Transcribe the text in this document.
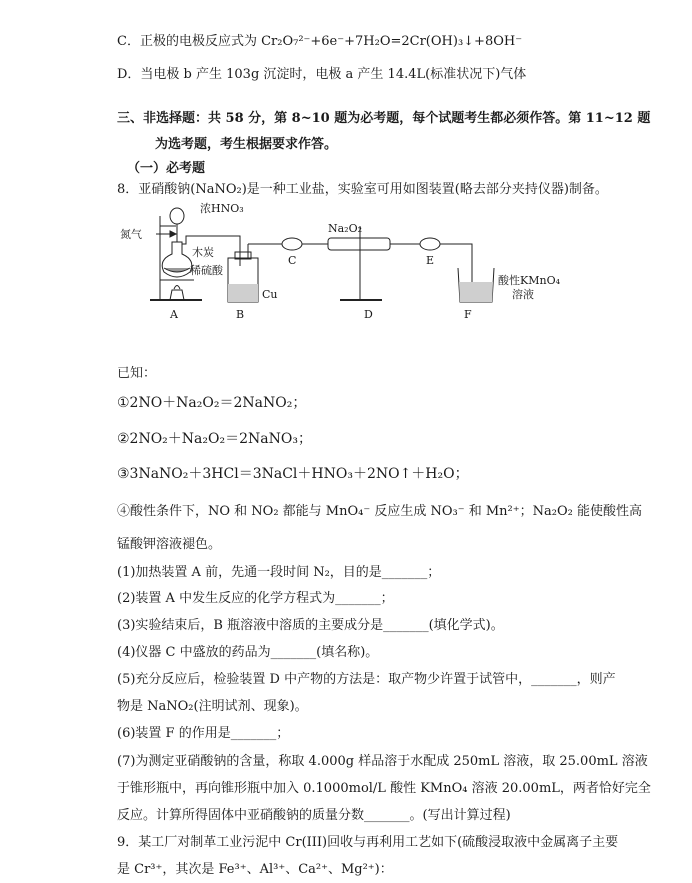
C．正极的电极反应式为 Cr₂O₇²⁻+6e⁻+7H₂O=2Cr(OH)₃↓+8OH⁻
D．当电极 b 产生 103g 沉淀时，电极 a 产生 14.4L(标准状况下)气体
三、非选择题：共 58 分，第 8~10 题为必考题，每个试题考生都必须作答。第 11~12 题
为选考题，考生根据要求作答。
（一）必考题
8．亚硝酸钠(NaNO₂)是一种工业盐，实验室可用如图装置(略去部分夹持仪器)制备。
浓HNO₃
氮气
木炭
稀硫酸
Cu
Na₂O₂
酸性KMnO₄
溶液
A	B
C
D
E
F
已知：
①2NO＋Na₂O₂＝2NaNO₂；
②2NO₂＋Na₂O₂＝2NaNO₃；
③3NaNO₂＋3HCl＝3NaCl＋HNO₃＋2NO↑＋H₂O；
④酸性条件下，NO 和 NO₂ 都能与 MnO₄⁻ 反应生成 NO₃⁻ 和 Mn²⁺；Na₂O₂ 能使酸性高
锰酸钾溶液褪色。
(1)加热装置 A 前，先通一段时间 N₂，目的是_______；
(2)装置 A 中发生反应的化学方程式为_______；
(3)实验结束后，B 瓶溶液中溶质的主要成分是_______(填化学式)。
(4)仪器 C 中盛放的药品为_______(填名称)。
(5)充分反应后，检验装置 D 中产物的方法是：取产物少许置于试管中，_______，则产
物是 NaNO₂(注明试剂、现象)。
(6)装置 F 的作用是_______；
(7)为测定亚硝酸钠的含量，称取 4.000g 样品溶于水配成 250mL 溶液，取 25.00mL 溶液
于锥形瓶中，再向锥形瓶中加入 0.1000mol/L 酸性 KMnO₄ 溶液 20.00mL，两者恰好完全
反应。计算所得固体中亚硝酸钠的质量分数_______。(写出计算过程)
9．某工厂对制革工业污泥中 Cr(III)回收与再利用工艺如下(硫酸浸取液中金属离子主要
是 Cr³⁺，其次是 Fe³⁺、Al³⁺、Ca²⁺、Mg²⁺)：
